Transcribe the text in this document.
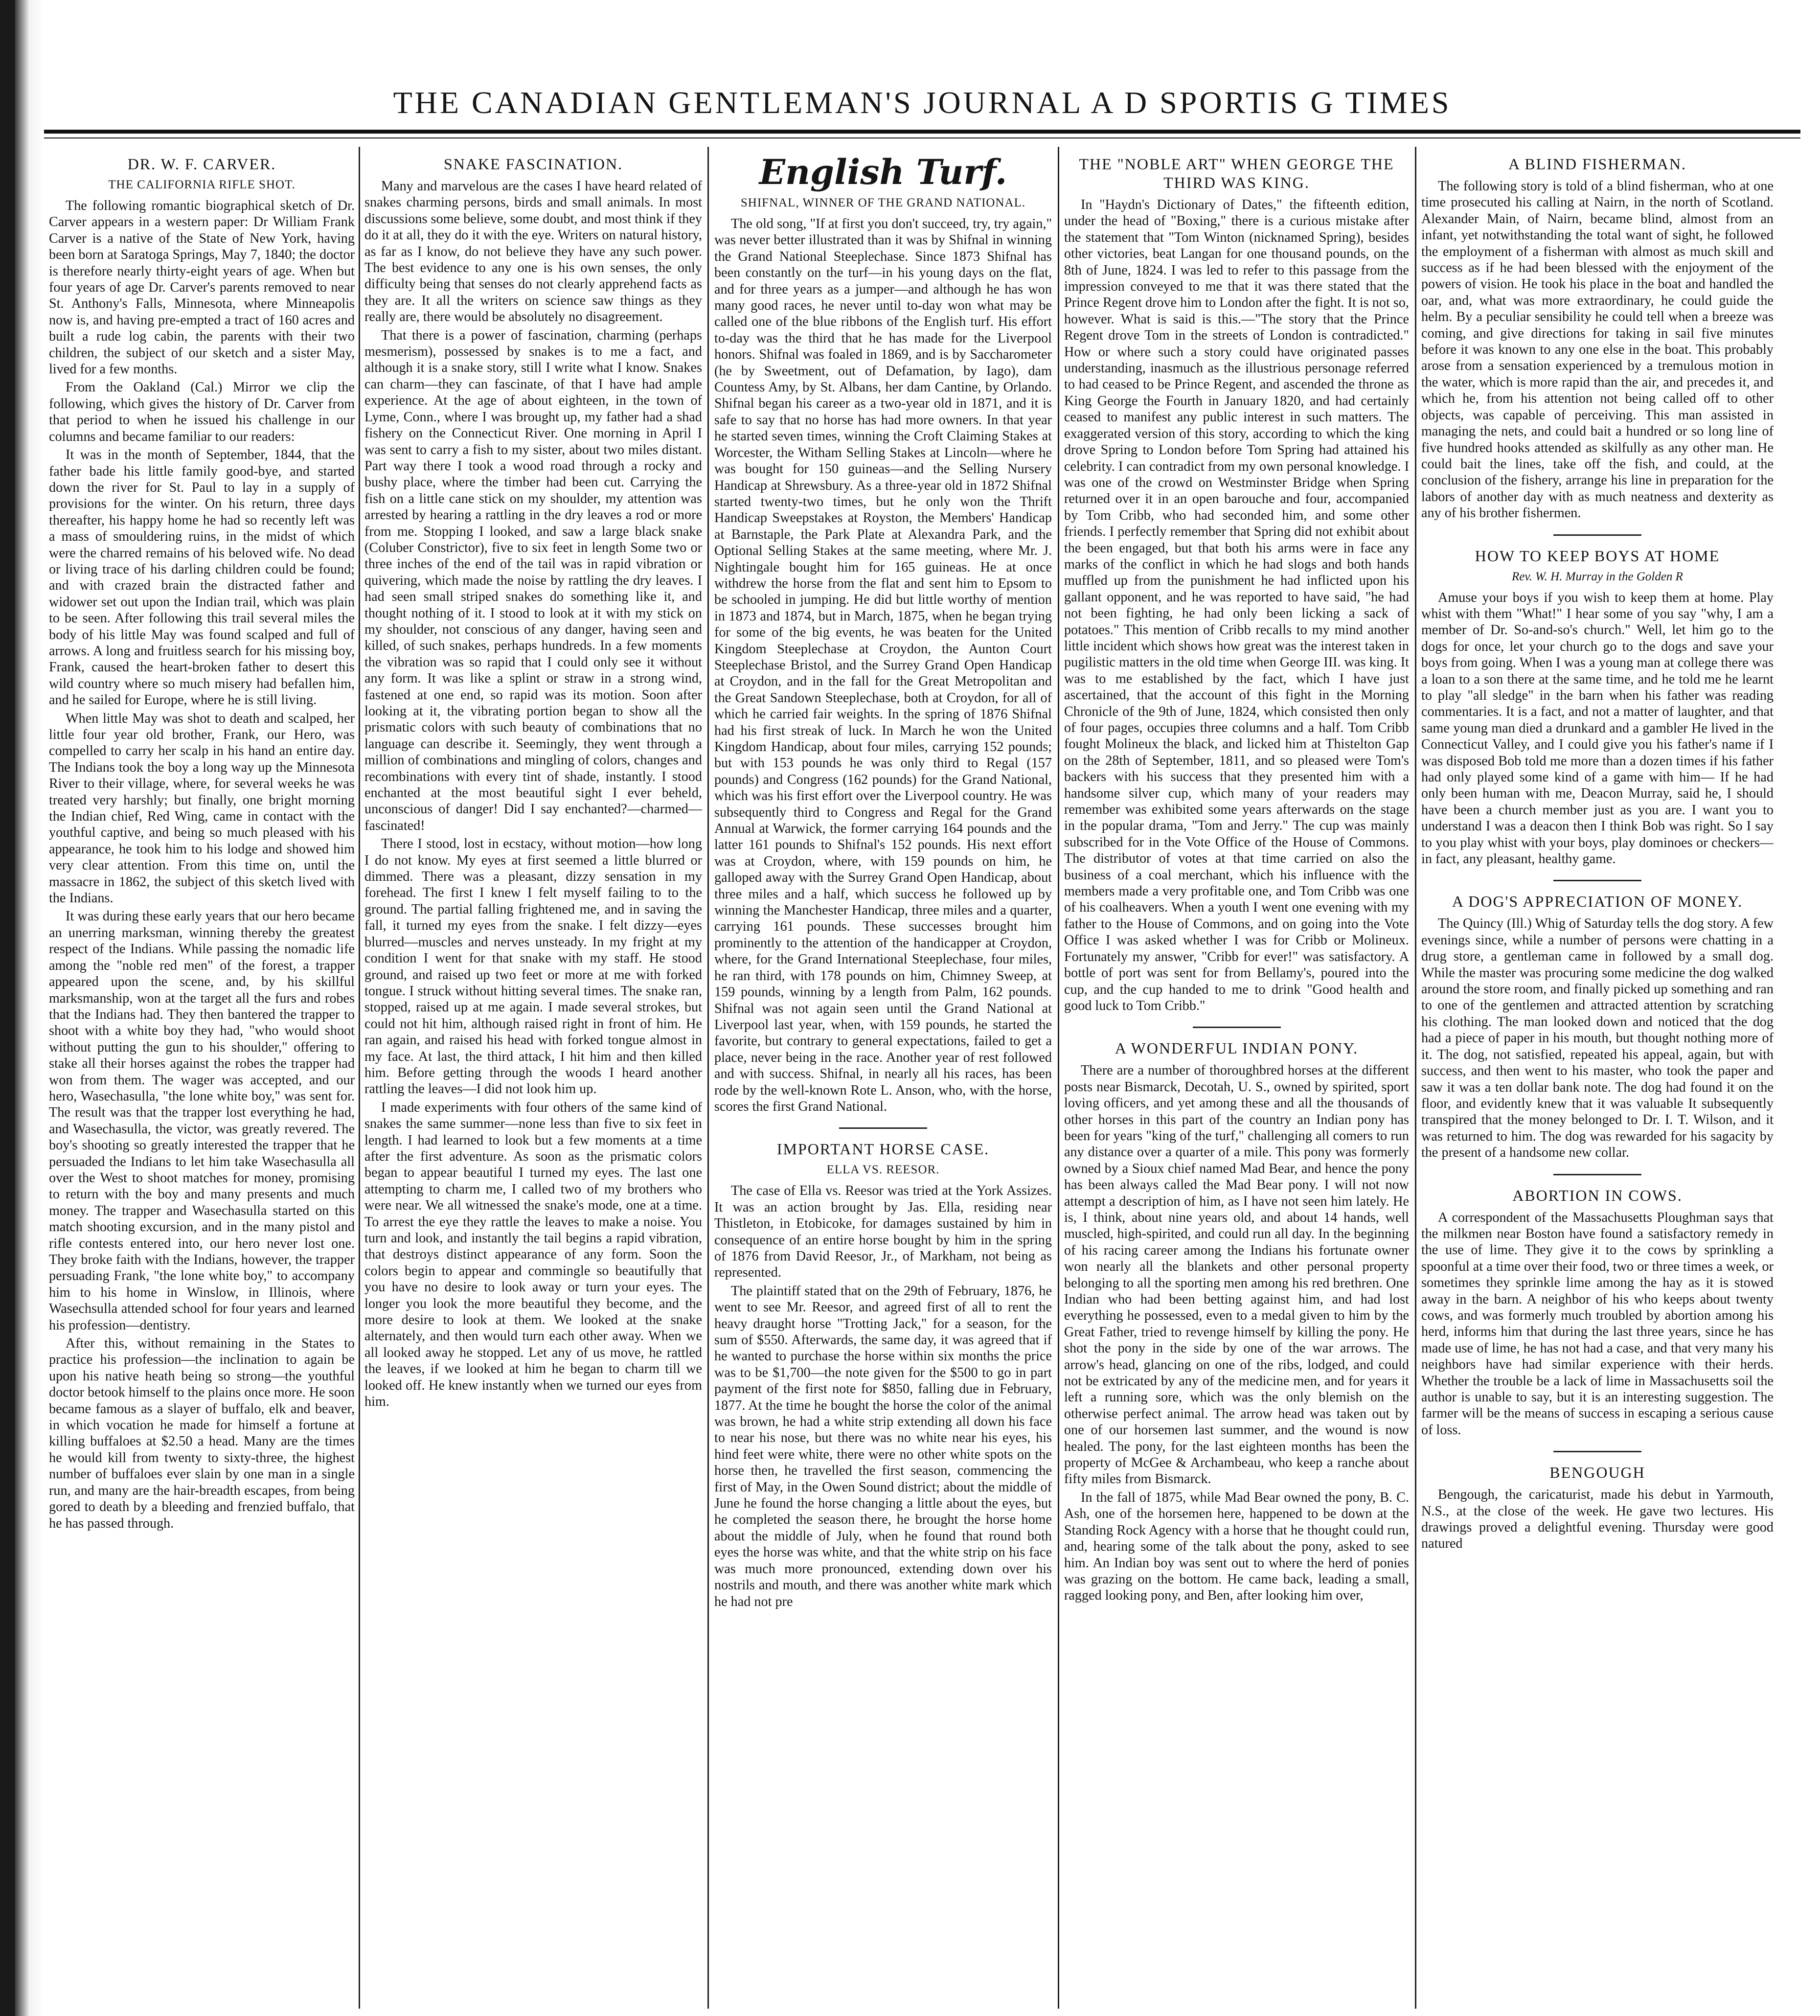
THE CANADIAN GENTLEMAN'S JOURNAL A D SPORTIS G TIMES
DR. W. F. CARVER.
THE CALIFORNIA RIFLE SHOT.

The following romantic biographical sketch of Dr. Carver appears in a western paper: Dr William Frank Carver is a native of the State of New York, having been born at Saratoga Springs, May 7, 1840; the doctor is therefore nearly thirty-eight years of age. When but four years of age Dr. Carver's parents removed to near St. Anthony's Falls, Minnesota, where Minneapolis now is, and having pre-empted a tract of 160 acres and built a rude log cabin, the parents with their two children, the subject of our sketch and a sister May, lived for a few months.

From the Oakland (Cal.) Mirror we clip the following, which gives the history of Dr. Carver from that period to when he issued his challenge in our columns and became familiar to our readers:

It was in the month of September, 1844, that the father bade his little family good-bye, and started down the river for St. Paul to lay in a supply of provisions for the winter. On his return, three days thereafter, his happy home he had so recently left was a mass of smouldering ruins, in the midst of which were the charred remains of his beloved wife. No dead or living trace of his darling children could be found; and with crazed brain the distracted father and widower set out upon the Indian trail, which was plain to be seen. After following this trail several miles the body of his little May was found scalped and full of arrows. A long and fruitless search for his missing boy, Frank, caused the heart-broken father to desert this wild country where so much misery had befallen him, and he sailed for Europe, where he is still living.

When little May was shot to death and scalped, her little four year old brother, Frank, our Hero, was compelled to carry her scalp in his hand an entire day. The Indians took the boy a long way up the Minnesota River to their village, where, for several weeks he was treated very harshly; but finally, one bright morning the Indian chief, Red Wing, came in contact with the youthful captive, and being so much pleased with his appearance, he took him to his lodge and showed him very clear attention. From this time on, until the massacre in 1862, the subject of this sketch lived with the Indians.

It was during these early years that our hero became an unerring marksman, winning thereby the greatest respect of the Indians. While passing the nomadic life among the "noble red men" of the forest, a trapper appeared upon the scene, and, by his skillful marksmanship, won at the target all the furs and robes that the Indians had. They then bantered the trapper to shoot with a white boy they had, "who would shoot without putting the gun to his shoulder," offering to stake all their horses against the robes the trapper had won from them. The wager was accepted, and our hero, Wasechasulla, "the lone white boy," was sent for. The result was that the trapper lost everything he had, and Wasechasulla, the victor, was greatly revered. The boy's shooting so greatly interested the trapper that he persuaded the Indians to let him take Wasechasulla all over the West to shoot matches for money, promising to return with the boy and many presents and much money. The trapper and Wasechasulla started on this match shooting excursion, and in the many pistol and rifle contests entered into, our hero never lost one. They broke faith with the Indians, however, the trapper persuading Frank, "the lone white boy," to accompany him to his home in Winslow, in Illinois, where Wasechsulla attended school for four years and learned his profession—dentistry.

After this, without remaining in the States to practice his profession—the inclination to again be upon his native heath being so strong—the youthful doctor betook himself to the plains once more. He soon became famous as a slayer of buffalo, elk and beaver, in which vocation he made for himself a fortune at killing buffaloes at $2.50 a head. Many are the times he would kill from twenty to sixty-three, the highest number of buffaloes ever slain by one man in a single run, and many are the hair-breadth escapes, from being gored to death by a bleeding and frenzied buffalo, that he has passed through.

SNAKE FASCINATION.

Many and marvelous are the cases I have heard related of snakes charming persons, birds and small animals. In most discussions some believe, some doubt, and most think if they do it at all, they do it with the eye. Writers on natural history, as far as I know, do not believe they have any such power. The best evidence to any one is his own senses, the only difficulty being that senses do not clearly apprehend facts as they are. It all the writers on science saw things as they really are, there would be absolutely no disagreement.

That there is a power of fascination, charming (perhaps mesmerism), possessed by snakes is to me a fact, and although it is a snake story, still I write what I know. Snakes can charm—they can fascinate, of that I have had ample experience. At the age of about eighteen, in the town of Lyme, Conn., where I was brought up, my father had a shad fishery on the Connecticut River. One morning in April I was sent to carry a fish to my sister, about two miles distant. Part way there I took a wood road through a rocky and bushy place, where the timber had been cut. Carrying the fish on a little cane stick on my shoulder, my attention was arrested by hearing a rattling in the dry leaves a rod or more from me. Stopping I looked, and saw a large black snake (Coluber Constrictor), five to six feet in length Some two or three inches of the end of the tail was in rapid vibration or quivering, which made the noise by rattling the dry leaves. I had seen small striped snakes do something like it, and thought nothing of it. I stood to look at it with my stick on my shoulder, not conscious of any danger, having seen and killed, of such snakes, perhaps hundreds. In a few moments the vibration was so rapid that I could only see it without any form. It was like a splint or straw in a strong wind, fastened at one end, so rapid was its motion. Soon after looking at it, the vibrating portion began to show all the prismatic colors with such beauty of combinations that no language can describe it. Seemingly, they went through a million of combinations and mingling of colors, changes and recombinations with every tint of shade, instantly. I stood enchanted at the most beautiful sight I ever beheld, unconscious of danger! Did I say enchanted?—charmed—fascinated!

There I stood, lost in ecstacy, without motion—how long I do not know. My eyes at first seemed a little blurred or dimmed. There was a pleasant, dizzy sensation in my forehead. The first I knew I felt myself failing to to the ground. The partial falling frightened me, and in saving the fall, it turned my eyes from the snake. I felt dizzy—eyes blurred—muscles and nerves unsteady. In my fright at my condition I went for that snake with my staff. He stood ground, and raised up two feet or more at me with forked tongue. I struck without hitting several times. The snake ran, stopped, raised up at me again. I made several strokes, but could not hit him, although raised right in front of him. He ran again, and raised his head with forked tongue almost in my face. At last, the third attack, I hit him and then killed him. Before getting through the woods I heard another rattling the leaves—I did not look him up.

I made experiments with four others of the same kind of snakes the same summer—none less than five to six feet in length. I had learned to look but a few moments at a time after the first adventure. As soon as the prismatic colors began to appear beautiful I turned my eyes. The last one attempting to charm me, I called two of my brothers who were near. We all witnessed the snake's mode, one at a time. To arrest the eye they rattle the leaves to make a noise. You turn and look, and instantly the tail begins a rapid vibration, that destroys distinct appearance of any form. Soon the colors begin to appear and commingle so beautifully that you have no desire to look away or turn your eyes. The longer you look the more beautiful they become, and the more desire to look at them. We looked at the snake alternately, and then would turn each other away. When we all looked away he stopped. Let any of us move, he rattled the leaves, if we looked at him he began to charm till we looked off. He knew instantly when we turned our eyes from him.

English Turf.
SHIFNAL, WINNER OF THE GRAND NATIONAL.

The old song, "If at first you don't succeed, try, try again," was never better illustrated than it was by Shifnal in winning the Grand National Steeplechase. Since 1873 Shifnal has been constantly on the turf—in his young days on the flat, and for three years as a jumper—and although he has won many good races, he never until to-day won what may be called one of the blue ribbons of the English turf. His effort to-day was the third that he has made for the Liverpool honors. Shifnal was foaled in 1869, and is by Saccharometer (he by Sweetment, out of Defamation, by Iago), dam Countess Amy, by St. Albans, her dam Cantine, by Orlando. Shifnal began his career as a two-year old in 1871, and it is safe to say that no horse has had more owners. In that year he started seven times, winning the Croft Claiming Stakes at Worcester, the Witham Selling Stakes at Lincoln—where he was bought for 150 guineas—and the Selling Nursery Handicap at Shrewsbury. As a three-year old in 1872 Shifnal started twenty-two times, but he only won the Thrift Handicap Sweepstakes at Royston, the Members' Handicap at Barnstaple, the Park Plate at Alexandra Park, and the Optional Selling Stakes at the same meeting, where Mr. J. Nightingale bought him for 165 guineas. He at once withdrew the horse from the flat and sent him to Epsom to be schooled in jumping. He did but little worthy of mention in 1873 and 1874, but in March, 1875, when he began trying for some of the big events, he was beaten for the United Kingdom Steeplechase at Croydon, the Aunton Court Steeplechase Bristol, and the Surrey Grand Open Handicap at Croydon, and in the fall for the Great Metropolitan and the Great Sandown Steeplechase, both at Croydon, for all of which he carried fair weights. In the spring of 1876 Shifnal had his first streak of luck. In March he won the United Kingdom Handicap, about four miles, carrying 152 pounds; but with 153 pounds he was only third to Regal (157 pounds) and Congress (162 pounds) for the Grand National, which was his first effort over the Liverpool country. He was subsequently third to Congress and Regal for the Grand Annual at Warwick, the former carrying 164 pounds and the latter 161 pounds to Shifnal's 152 pounds. His next effort was at Croydon, where, with 159 pounds on him, he galloped away with the Surrey Grand Open Handicap, about three miles and a half, which success he followed up by winning the Manchester Handicap, three miles and a quarter, carrying 161 pounds. These successes brought him prominently to the attention of the handicapper at Croydon, where, for the Grand International Steeplechase, four miles, he ran third, with 178 pounds on him, Chimney Sweep, at 159 pounds, winning by a length from Palm, 162 pounds. Shifnal was not again seen until the Grand National at Liverpool last year, when, with 159 pounds, he started the favorite, but contrary to general expectations, failed to get a place, never being in the race. Another year of rest followed and with success. Shifnal, in nearly all his races, has been rode by the well-known Rote L. Anson, who, with the horse, scores the first Grand National.

IMPORTANT HORSE CASE.
ELLA VS. REESOR.

The case of Ella vs. Reesor was tried at the York Assizes. It was an action brought by Jas. Ella, residing near Thistleton, in Etobicoke, for damages sustained by him in consequence of an entire horse bought by him in the spring of 1876 from David Reesor, Jr., of Markham, not being as represented.

The plaintiff stated that on the 29th of February, 1876, he went to see Mr. Reesor, and agreed first of all to rent the heavy draught horse "Trotting Jack," for a season, for the sum of $550. Afterwards, the same day, it was agreed that if he wanted to purchase the horse within six months the price was to be $1,700—the note given for the $500 to go in part payment of the first note for $850, falling due in February, 1877. At the time he bought the horse the color of the animal was brown, he had a white strip extending all down his face to near his nose, but there was no white near his eyes, his hind feet were white, there were no other white spots on the horse then, he travelled the first season, commencing the first of May, in the Owen Sound district; about the middle of June he found the horse changing a little about the eyes, but he completed the season there, he brought the horse home about the middle of July, when he found that round both eyes the horse was white, and that the white strip on his face was much more pronounced, extending down over his nostrils and mouth, and there was another white mark which he had not pre

THE "NOBLE ART" WHEN GEORGE THE THIRD WAS KING.

In "Haydn's Dictionary of Dates," the fifteenth edition, under the head of "Boxing," there is a curious mistake after the statement that "Tom Winton (nicknamed Spring), besides other victories, beat Langan for one thousand pounds, on the 8th of June, 1824. I was led to refer to this passage from the impression conveyed to me that it was there stated that the Prince Regent drove him to London after the fight. It is not so, however. What is said is this.—"The story that the Prince Regent drove Tom in the streets of London is contradicted." How or where such a story could have originated passes understanding, inasmuch as the illustrious personage referred to had ceased to be Prince Regent, and ascended the throne as King George the Fourth in January 1820, and had certainly ceased to manifest any public interest in such matters. The exaggerated version of this story, according to which the king drove Spring to London before Tom Spring had attained his celebrity. I can contradict from my own personal knowledge. I was one of the crowd on Westminster Bridge when Spring returned over it in an open barouche and four, accompanied by Tom Cribb, who had seconded him, and some other friends. I perfectly remember that Spring did not exhibit about the been engaged, but that both his arms were in face any marks of the conflict in which he had slogs and both hands muffled up from the punishment he had inflicted upon his gallant opponent, and he was reported to have said, "he had not been fighting, he had only been licking a sack of potatoes." This mention of Cribb recalls to my mind another little incident which shows how great was the interest taken in pugilistic matters in the old time when George III. was king. It was to me established by the fact, which I have just ascertained, that the account of this fight in the Morning Chronicle of the 9th of June, 1824, which consisted then only of four pages, occupies three columns and a half. Tom Cribb fought Molineux the black, and licked him at Thistelton Gap on the 28th of September, 1811, and so pleased were Tom's backers with his success that they presented him with a handsome silver cup, which many of your readers may remember was exhibited some years afterwards on the stage in the popular drama, "Tom and Jerry." The cup was mainly subscribed for in the Vote Office of the House of Commons. The distributor of votes at that time carried on also the business of a coal merchant, which his influence with the members made a very profitable one, and Tom Cribb was one of his coalheavers. When a youth I went one evening with my father to the House of Commons, and on going into the Vote Office I was asked whether I was for Cribb or Molineux. Fortunately my answer, "Cribb for ever!" was satisfactory. A bottle of port was sent for from Bellamy's, poured into the cup, and the cup handed to me to drink "Good health and good luck to Tom Cribb."

A WONDERFUL INDIAN PONY.

There are a number of thoroughbred horses at the different posts near Bismarck, Decotah, U. S., owned by spirited, sport loving officers, and yet among these and all the thousands of other horses in this part of the country an Indian pony has been for years "king of the turf," challenging all comers to run any distance over a quarter of a mile. This pony was formerly owned by a Sioux chief named Mad Bear, and hence the pony has been always called the Mad Bear pony. I will not now attempt a description of him, as I have not seen him lately. He is, I think, about nine years old, and about 14 hands, well muscled, high-spirited, and could run all day. In the beginning of his racing career among the Indians his fortunate owner won nearly all the blankets and other personal property belonging to all the sporting men among his red brethren. One Indian who had been betting against him, and had lost everything he possessed, even to a medal given to him by the Great Father, tried to revenge himself by killing the pony. He shot the pony in the side by one of the war arrows. The arrow's head, glancing on one of the ribs, lodged, and could not be extricated by any of the medicine men, and for years it left a running sore, which was the only blemish on the otherwise perfect animal. The arrow head was taken out by one of our horsemen last summer, and the wound is now healed. The pony, for the last eighteen months has been the property of McGee & Archambeau, who keep a ranche about fifty miles from Bismarck.

In the fall of 1875, while Mad Bear owned the pony, B. C. Ash, one of the horsemen here, happened to be down at the Standing Rock Agency with a horse that he thought could run, and, hearing some of the talk about the pony, asked to see him. An Indian boy was sent out to where the herd of ponies was grazing on the bottom. He came back, leading a small, ragged looking pony, and Ben, after looking him over,

A BLIND FISHERMAN.

The following story is told of a blind fisherman, who at one time prosecuted his calling at Nairn, in the north of Scotland. Alexander Main, of Nairn, became blind, almost from an infant, yet notwithstanding the total want of sight, he followed the employment of a fisherman with almost as much skill and success as if he had been blessed with the enjoyment of the powers of vision. He took his place in the boat and handled the oar, and, what was more extraordinary, he could guide the helm. By a peculiar sensibility he could tell when a breeze was coming, and give directions for taking in sail five minutes before it was known to any one else in the boat. This probably arose from a sensation experienced by a tremulous motion in the water, which is more rapid than the air, and precedes it, and which he, from his attention not being called off to other objects, was capable of perceiving. This man assisted in managing the nets, and could bait a hundred or so long line of five hundred hooks attended as skilfully as any other man. He could bait the lines, take off the fish, and could, at the conclusion of the fishery, arrange his line in preparation for the labors of another day with as much neatness and dexterity as any of his brother fishermen.

HOW TO KEEP BOYS AT HOME
Rev. W. H. Murray in the Golden R

Amuse your boys if you wish to keep them at home. Play whist with them "What!" I hear some of you say "why, I am a member of Dr. So-and-so's church." Well, let him go to the dogs for once, let your church go to the dogs and save your boys from going. When I was a young man at college there was a loan to a son there at the same time, and he told me he learnt to play "all sledge" in the barn when his father was reading commentaries. It is a fact, and not a matter of laughter, and that same young man died a drunkard and a gambler He lived in the Connecticut Valley, and I could give you his father's name if I was disposed Bob told me more than a dozen times if his father had only played some kind of a game with him— If he had only been human with me, Deacon Murray, said he, I should have been a church member just as you are. I want you to understand I was a deacon then I think Bob was right. So I say to you play whist with your boys, play dominoes or checkers—in fact, any pleasant, healthy game.

A DOG'S APPRECIATION OF MONEY.

The Quincy (Ill.) Whig of Saturday tells the dog story. A few evenings since, while a number of persons were chatting in a drug store, a gentleman came in followed by a small dog. While the master was procuring some medicine the dog walked around the store room, and finally picked up something and ran to one of the gentlemen and attracted attention by scratching his clothing. The man looked down and noticed that the dog had a piece of paper in his mouth, but thought nothing more of it. The dog, not satisfied, repeated his appeal, again, but with success, and then went to his master, who took the paper and saw it was a ten dollar bank note. The dog had found it on the floor, and evidently knew that it was valuable It subsequently transpired that the money belonged to Dr. I. T. Wilson, and it was returned to him. The dog was rewarded for his sagacity by the present of a handsome new collar.

ABORTION IN COWS.

A correspondent of the Massachusetts Ploughman says that the milkmen near Boston have found a satisfactory remedy in the use of lime. They give it to the cows by sprinkling a spoonful at a time over their food, two or three times a week, or sometimes they sprinkle lime among the hay as it is stowed away in the barn. A neighbor of his who keeps about twenty cows, and was formerly much troubled by abortion among his herd, informs him that during the last three years, since he has made use of lime, he has not had a case, and that very many his neighbors have had similar experience with their herds. Whether the trouble be a lack of lime in Massachusetts soil the author is unable to say, but it is an interesting suggestion. The farmer will be the means of success in escaping a serious cause of loss.

BENGOUGH

Bengough, the caricaturist, made his debut in Yarmouth, N.S., at the close of the week. He gave two lectures. His drawings proved a delightful evening. Thursday were good natured
